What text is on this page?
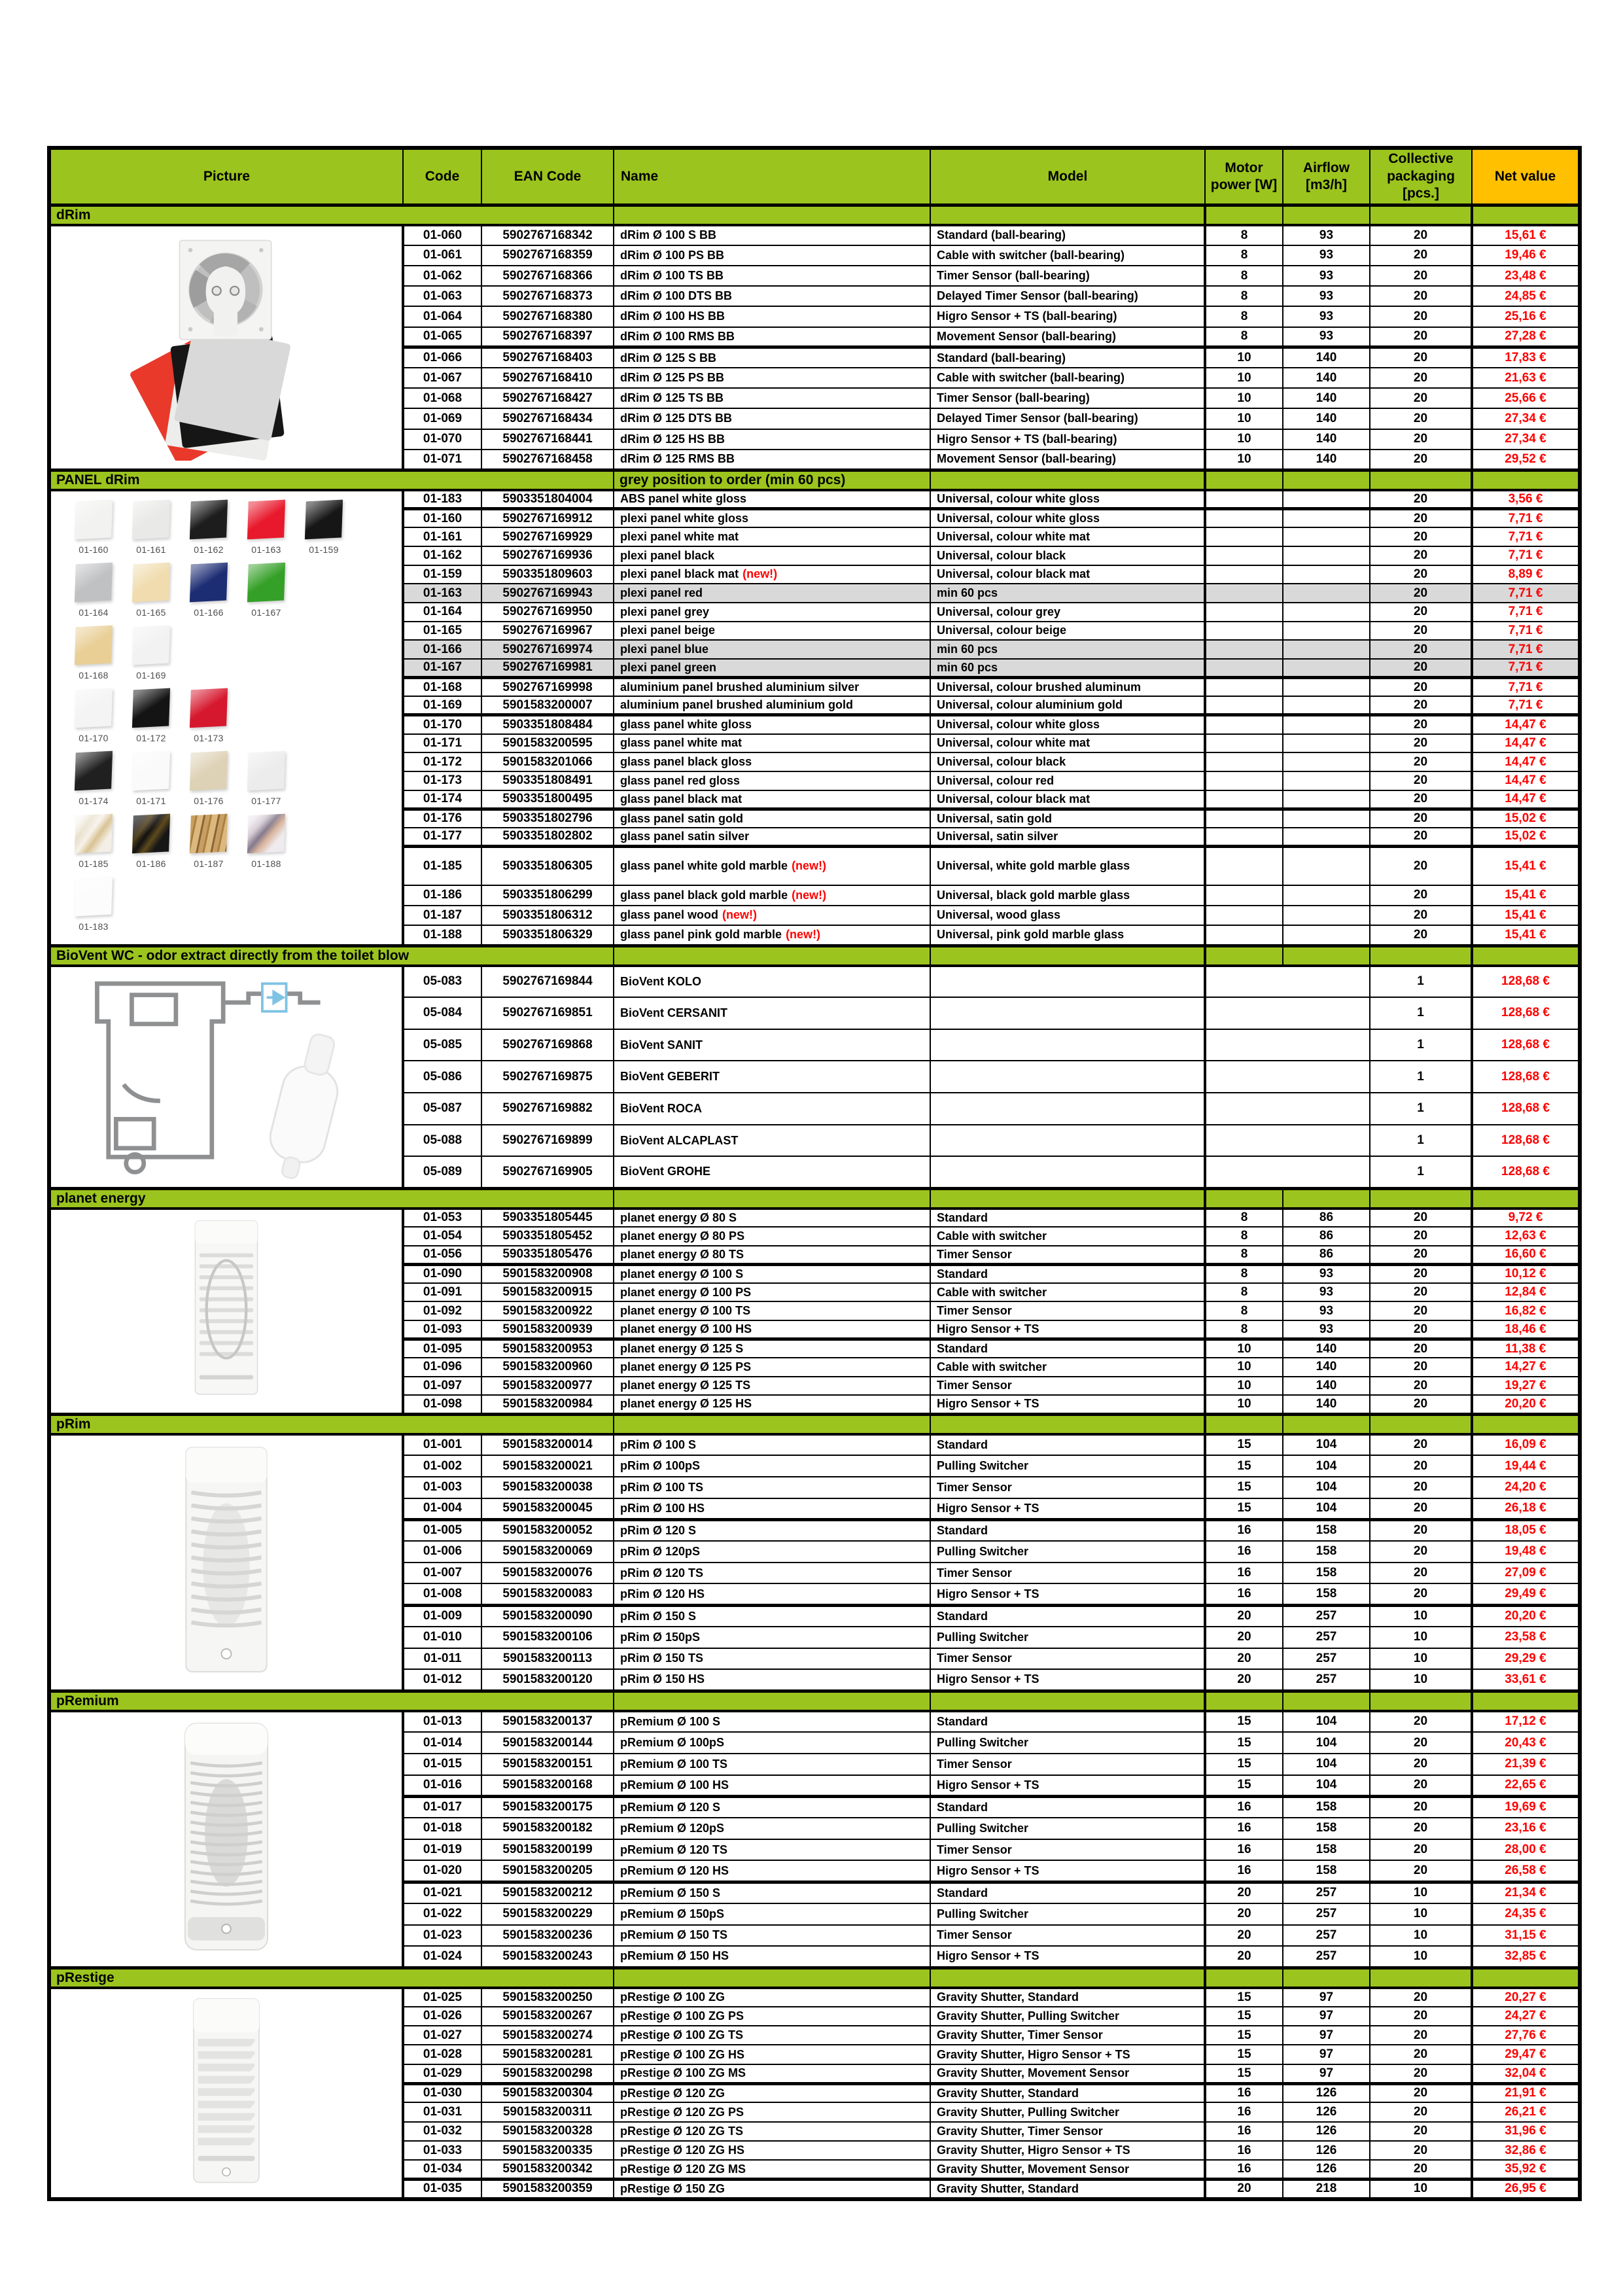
Picture	Code	EAN Code	Name	Model	Motor power [W]	Airflow [m3/h]	Collective packaging [pcs.]	Net value
dRim								
	01-060	5902767168342	dRim Ø 100 S BB	Standard (ball-bearing)	8	93	20	15,61 €
	01-061	5902767168359	dRim Ø 100 PS BB	Cable with switcher (ball-bearing)	8	93	20	19,46 €
	01-062	5902767168366	dRim Ø 100 TS BB	Timer Sensor (ball-bearing)	8	93	20	23,48 €
	01-063	5902767168373	dRim Ø 100 DTS BB	Delayed Timer Sensor (ball-bearing)	8	93	20	24,85 €
	01-064	5902767168380	dRim Ø 100 HS BB	Higro Sensor + TS (ball-bearing)	8	93	20	25,16 €
	01-065	5902767168397	dRim Ø 100 RMS BB	Movement Sensor (ball-bearing)	8	93	20	27,28 €
	01-066	5902767168403	dRim Ø 125 S BB	Standard (ball-bearing)	10	140	20	17,83 €
	01-067	5902767168410	dRim Ø 125 PS BB	Cable with switcher (ball-bearing)	10	140	20	21,63 €
	01-068	5902767168427	dRim Ø 125 TS BB	Timer Sensor (ball-bearing)	10	140	20	25,66 €
	01-069	5902767168434	dRim Ø 125 DTS BB	Delayed Timer Sensor (ball-bearing)	10	140	20	27,34 €
	01-070	5902767168441	dRim Ø 125 HS BB	Higro Sensor + TS (ball-bearing)	10	140	20	27,34 €
	01-071	5902767168458	dRim Ø 125 RMS BB	Movement Sensor (ball-bearing)	10	140	20	29,52 €
PANEL dRim			grey position to order (min 60 pcs)					

01-160	01-161	01-162	01-163	01-159
01-164	01-165	01-166	01-167
01-168	01-169
01-170	01-172	01-173
01-174	01-171	01-176	01-177
01-185	01-186	01-187	01-188
01-183
	01-183	5903351804004	ABS panel white gloss	Universal, colour white gloss			20	3,56 €
	01-160	5902767169912	plexi panel white gloss	Universal, colour white gloss			20	7,71 €
	01-161	5902767169929	plexi panel white mat	Universal, colour white mat			20	7,71 €
	01-162	5902767169936	plexi panel black	Universal, colour black			20	7,71 €
	01-159	5903351809603	plexi panel black mat (new!)	Universal, colour black mat			20	8,89 €
	01-163	5902767169943	plexi panel red	min 60 pcs			20	7,71 €
	01-164	5902767169950	plexi panel grey	Universal, colour grey			20	7,71 €
	01-165	5902767169967	plexi panel beige	Universal, colour beige			20	7,71 €
	01-166	5902767169974	plexi panel blue	min 60 pcs			20	7,71 €
	01-167	5902767169981	plexi panel green	min 60 pcs			20	7,71 €
	01-168	5902767169998	aluminium panel brushed aluminium silver	Universal, colour brushed aluminum			20	7,71 €
	01-169	5901583200007	aluminium panel brushed aluminium gold	Universal, colour aluminium gold			20	7,71 €
	01-170	5903351808484	glass panel white gloss	Universal, colour white gloss			20	14,47 €
	01-171	5901583200595	glass panel white mat	Universal, colour white mat			20	14,47 €
	01-172	5901583201066	glass panel black gloss	Universal, colour black			20	14,47 €
	01-173	5903351808491	glass panel red gloss	Universal, colour red			20	14,47 €
	01-174	5903351800495	glass panel black mat	Universal, colour black mat			20	14,47 €
	01-176	5903351802796	glass panel satin gold	Universal, satin gold			20	15,02 €
	01-177	5903351802802	glass panel satin silver	Universal, satin silver			20	15,02 €
	01-185	5903351806305	glass panel white gold marble (new!)	Universal, white gold marble glass			20	15,41 €
	01-186	5903351806299	glass panel black gold marble (new!)	Universal, black gold marble glass			20	15,41 €
	01-187	5903351806312	glass panel wood (new!)	Universal, wood glass			20	15,41 €
	01-188	5903351806329	glass panel pink gold marble (new!)	Universal, pink gold marble glass			20	15,41 €
BioVent WC - odor extract directly from the toilet blow								
	05-083	5902767169844	BioVent KOLO				1	128,68 €
	05-084	5902767169851	BioVent CERSANIT				1	128,68 €
	05-085	5902767169868	BioVent SANIT				1	128,68 €
	05-086	5902767169875	BioVent GEBERIT				1	128,68 €
	05-087	5902767169882	BioVent ROCA				1	128,68 €
	05-088	5902767169899	BioVent ALCAPLAST				1	128,68 €
	05-089	5902767169905	BioVent GROHE				1	128,68 €
planet energy								
	01-053	5903351805445	planet energy Ø 80 S	Standard	8	86	20	9,72 €
	01-054	5903351805452	planet energy Ø 80 PS	Cable with switcher	8	86	20	12,63 €
	01-056	5903351805476	planet energy Ø 80 TS	Timer Sensor	8	86	20	16,60 €
	01-090	5901583200908	planet energy Ø 100 S	Standard	8	93	20	10,12 €
	01-091	5901583200915	planet energy Ø 100 PS	Cable with switcher	8	93	20	12,84 €
	01-092	5901583200922	planet energy Ø 100 TS	Timer Sensor	8	93	20	16,82 €
	01-093	5901583200939	planet energy Ø 100 HS	Higro Sensor + TS	8	93	20	18,46 €
	01-095	5901583200953	planet energy Ø 125 S	Standard	10	140	20	11,38 €
	01-096	5901583200960	planet energy Ø 125 PS	Cable with switcher	10	140	20	14,27 €
	01-097	5901583200977	planet energy Ø 125 TS	Timer Sensor	10	140	20	19,27 €
	01-098	5901583200984	planet energy Ø 125 HS	Higro Sensor + TS	10	140	20	20,20 €
pRim								
	01-001	5901583200014	pRim Ø 100 S	Standard	15	104	20	16,09 €
	01-002	5901583200021	pRim Ø 100pS	Pulling Switcher	15	104	20	19,44 €
	01-003	5901583200038	pRim Ø 100 TS	Timer Sensor	15	104	20	24,20 €
	01-004	5901583200045	pRim Ø 100 HS	Higro Sensor + TS	15	104	20	26,18 €
	01-005	5901583200052	pRim Ø 120 S	Standard	16	158	20	18,05 €
	01-006	5901583200069	pRim Ø 120pS	Pulling Switcher	16	158	20	19,48 €
	01-007	5901583200076	pRim Ø 120 TS	Timer Sensor	16	158	20	27,09 €
	01-008	5901583200083	pRim Ø 120 HS	Higro Sensor + TS	16	158	20	29,49 €
	01-009	5901583200090	pRim Ø 150 S	Standard	20	257	10	20,20 €
	01-010	5901583200106	pRim Ø 150pS	Pulling Switcher	20	257	10	23,58 €
	01-011	5901583200113	pRim Ø 150 TS	Timer Sensor	20	257	10	29,29 €
	01-012	5901583200120	pRim Ø 150 HS	Higro Sensor + TS	20	257	10	33,61 €
pRemium								
	01-013	5901583200137	pRemium Ø 100 S	Standard	15	104	20	17,12 €
	01-014	5901583200144	pRemium Ø 100pS	Pulling Switcher	15	104	20	20,43 €
	01-015	5901583200151	pRemium Ø 100 TS	Timer Sensor	15	104	20	21,39 €
	01-016	5901583200168	pRemium Ø 100 HS	Higro Sensor + TS	15	104	20	22,65 €
	01-017	5901583200175	pRemium Ø 120 S	Standard	16	158	20	19,69 €
	01-018	5901583200182	pRemium Ø 120pS	Pulling Switcher	16	158	20	23,16 €
	01-019	5901583200199	pRemium Ø 120 TS	Timer Sensor	16	158	20	28,00 €
	01-020	5901583200205	pRemium Ø 120 HS	Higro Sensor + TS	16	158	20	26,58 €
	01-021	5901583200212	pRemium Ø 150 S	Standard	20	257	10	21,34 €
	01-022	5901583200229	pRemium Ø 150pS	Pulling Switcher	20	257	10	24,35 €
	01-023	5901583200236	pRemium Ø 150 TS	Timer Sensor	20	257	10	31,15 €
	01-024	5901583200243	pRemium Ø 150 HS	Higro Sensor + TS	20	257	10	32,85 €
pRestige								
	01-025	5901583200250	pRestige Ø 100 ZG	Gravity Shutter, Standard	15	97	20	20,27 €
	01-026	5901583200267	pRestige Ø 100 ZG PS	Gravity Shutter, Pulling Switcher	15	97	20	24,27 €
	01-027	5901583200274	pRestige Ø 100 ZG TS	Gravity Shutter, Timer Sensor	15	97	20	27,76 €
	01-028	5901583200281	pRestige Ø 100 ZG HS	Gravity Shutter, Higro Sensor + TS	15	97	20	29,47 €
	01-029	5901583200298	pRestige Ø 100 ZG MS	Gravity Shutter, Movement Sensor	15	97	20	32,04 €
	01-030	5901583200304	pRestige Ø 120 ZG	Gravity Shutter, Standard	16	126	20	21,91 €
	01-031	5901583200311	pRestige Ø 120 ZG PS	Gravity Shutter, Pulling Switcher	16	126	20	26,21 €
	01-032	5901583200328	pRestige Ø 120 ZG TS	Gravity Shutter, Timer Sensor	16	126	20	31,96 €
	01-033	5901583200335	pRestige Ø 120 ZG HS	Gravity Shutter, Higro Sensor + TS	16	126	20	32,86 €
	01-034	5901583200342	pRestige Ø 120 ZG MS	Gravity Shutter, Movement Sensor	16	126	20	35,92 €
	01-035	5901583200359	pRestige Ø 150 ZG	Gravity Shutter, Standard	20	218	10	26,95 €
